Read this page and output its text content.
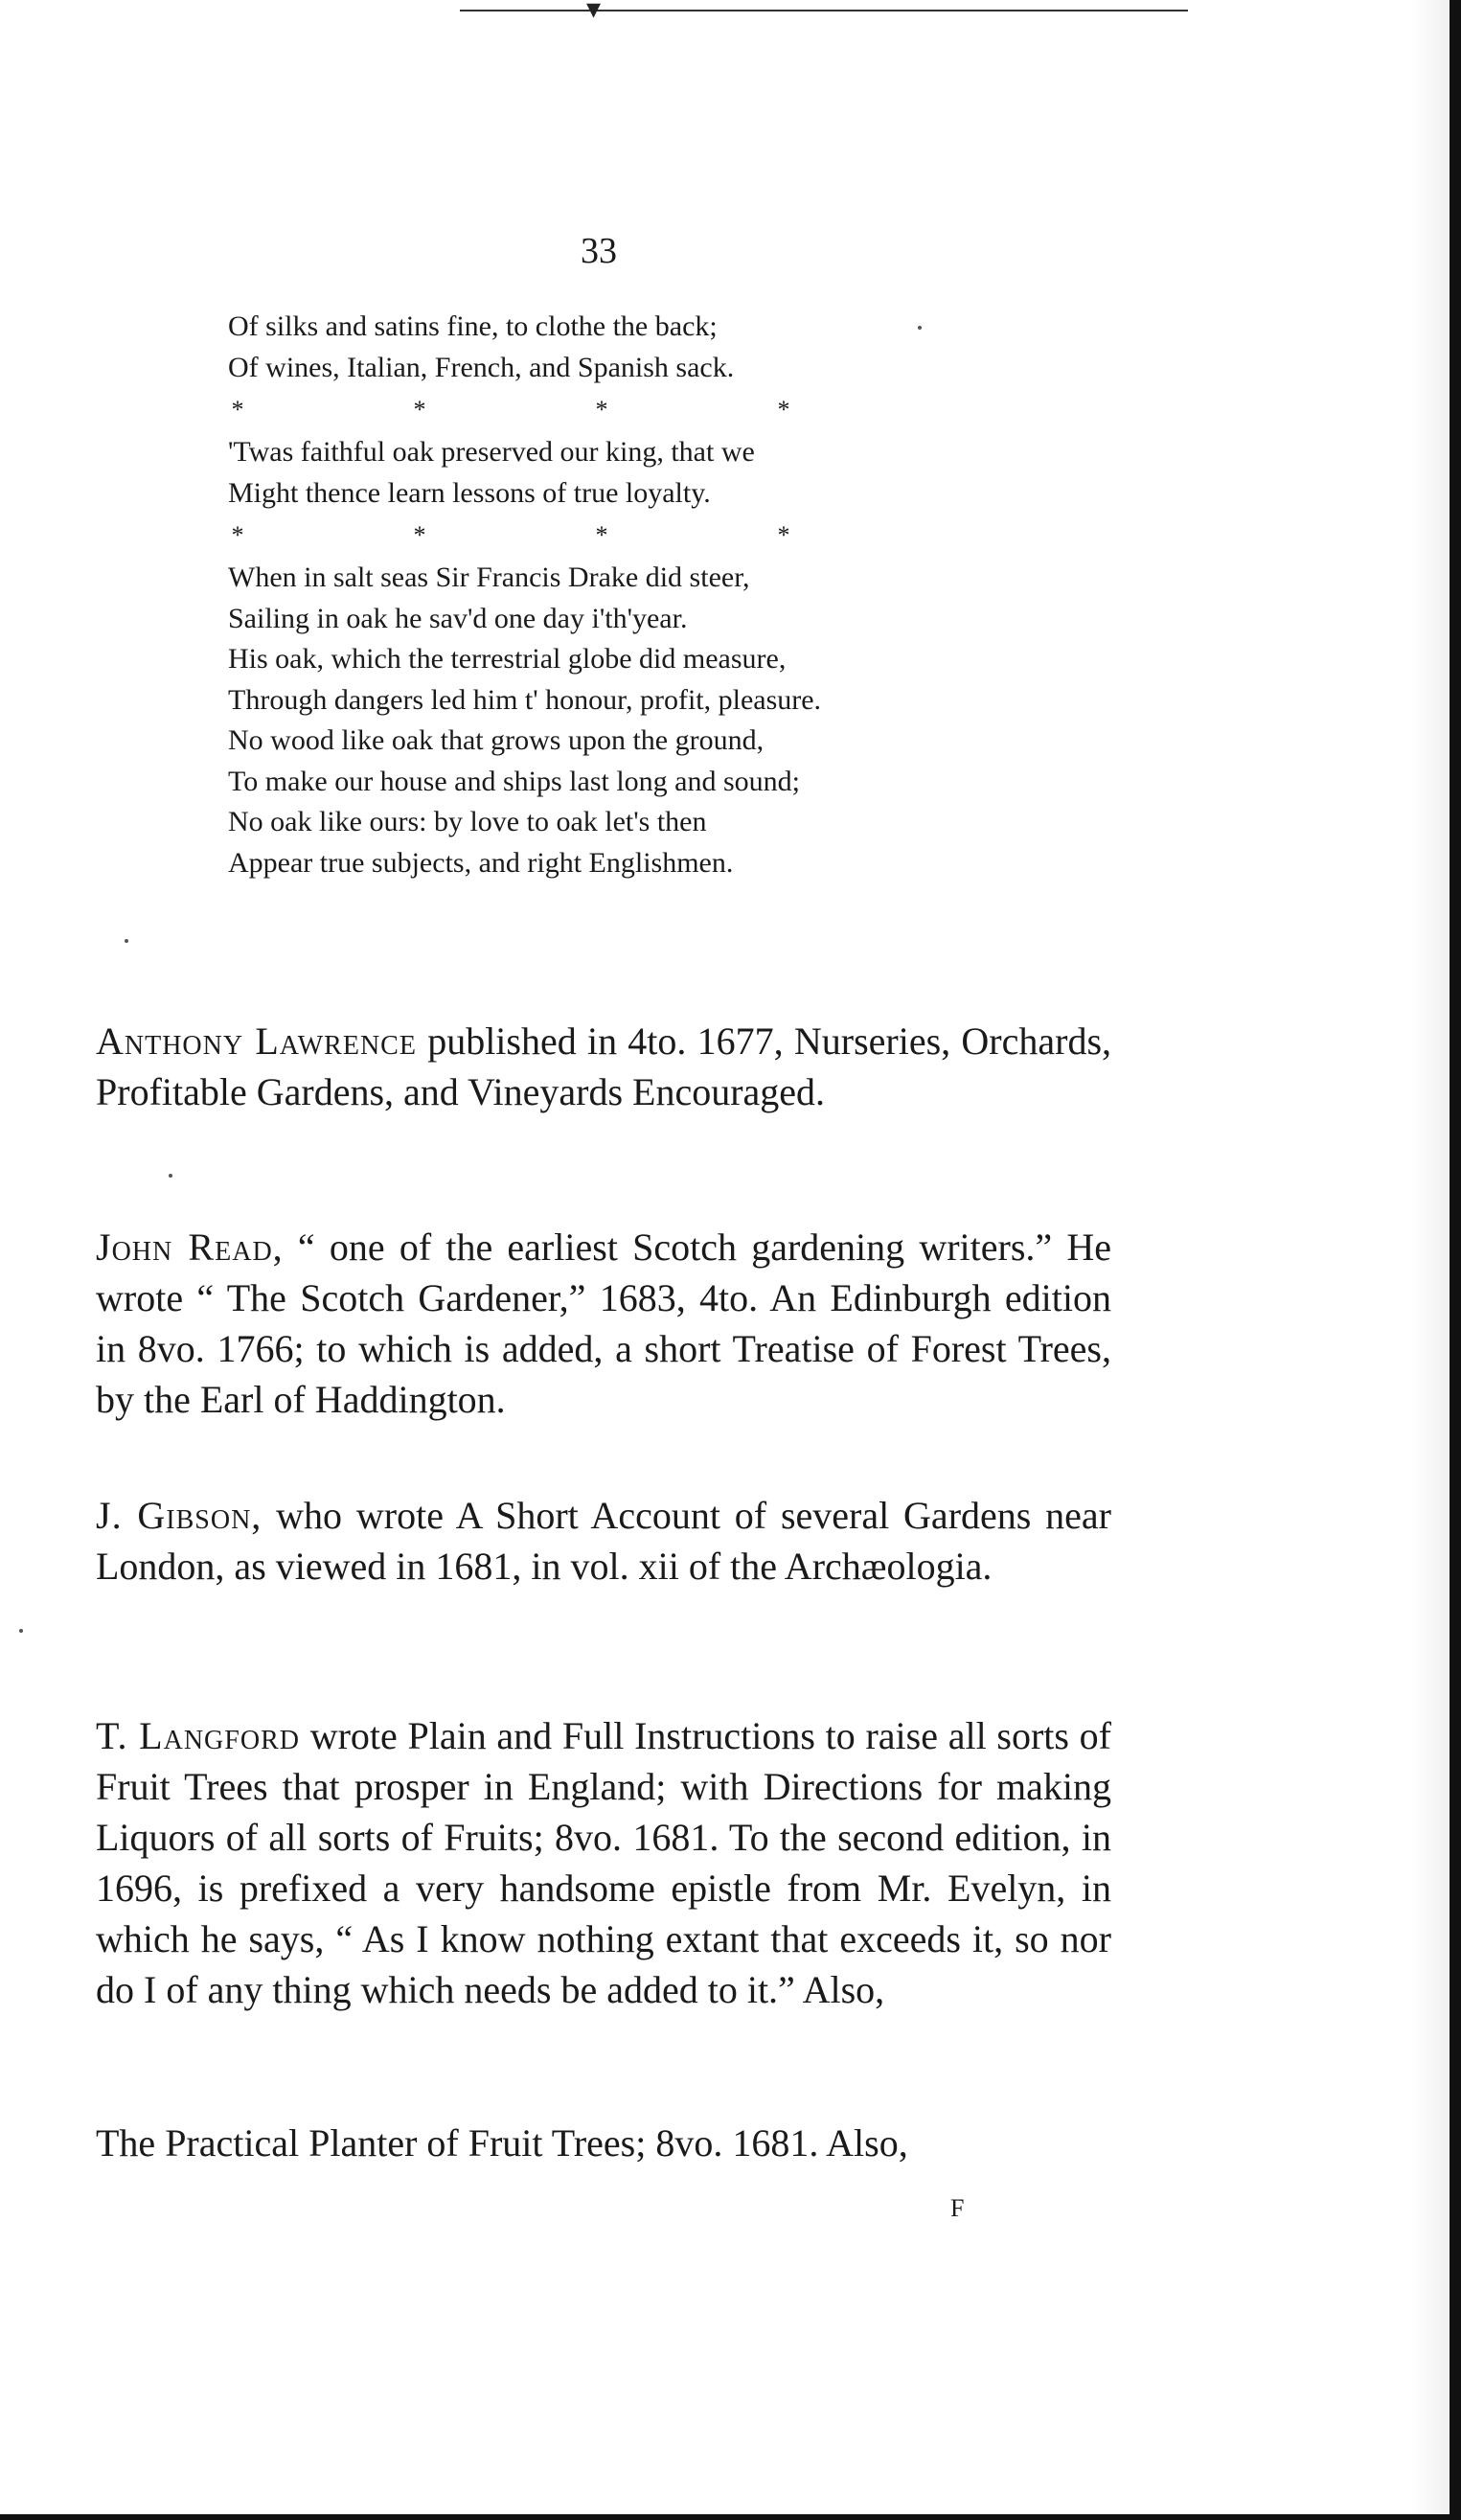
▾
33
Of silks and satins fine, to clothe the back;
Of wines, Italian, French, and Spanish sack.
*	*	*	*
'Twas faithful oak preserved our king, that we
Might thence learn lessons of true loyalty.
*	*	*	*
When in salt seas Sir Francis Drake did steer,
Sailing in oak he sav'd one day i'th'year.
His oak, which the terrestrial globe did measure,
Through dangers led him t' honour, profit, pleasure.
No wood like oak that grows upon the ground,
To make our house and ships last long and sound;
No oak like ours: by love to oak let's then
Appear true subjects, and right Englishmen.

Anthony Lawrence published in 4to. 1677, Nurseries, Orchards, Profitable Gardens, and Vineyards Encouraged.

John Read, “ one of the earliest Scotch gardening writers.” He wrote “ The Scotch Gardener,” 1683, 4to. An Edinburgh edition in 8vo. 1766; to which is added, a short Treatise of Forest Trees, by the Earl of Haddington.

J. Gibson, who wrote A Short Account of several Gardens near London, as viewed in 1681, in vol. xii of the Archæologia.

T. Langford wrote Plain and Full Instructions to raise all sorts of Fruit Trees that prosper in England; with Directions for making Liquors of all sorts of Fruits; 8vo. 1681. To the second edition, in 1696, is prefixed a very handsome epistle from Mr. Evelyn, in which he says, “ As I know nothing extant that exceeds it, so nor do I of any thing which needs be added to it.” Also,

The Practical Planter of Fruit Trees; 8vo. 1681. Also,

F
